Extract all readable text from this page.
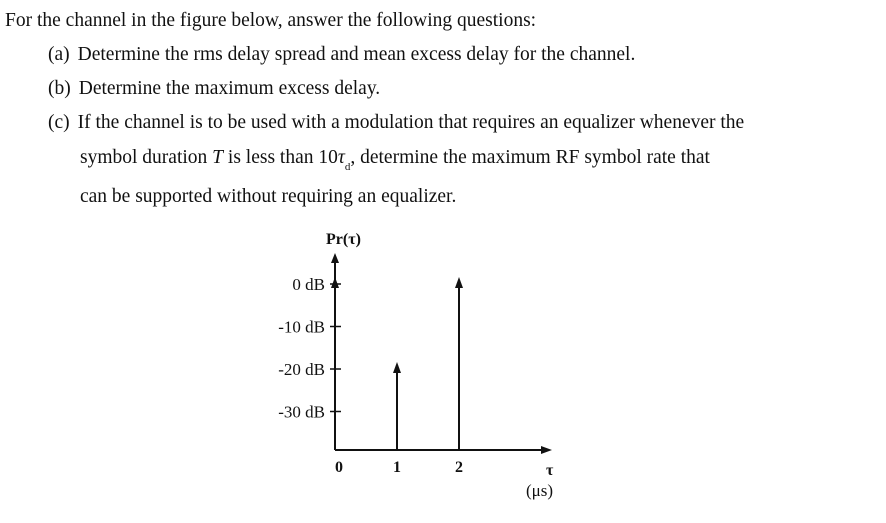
For the channel in the figure below, answer the following questions:
(a) Determine the rms delay spread and mean excess delay for the channel.
(b) Determine the maximum excess delay.
(c) If the channel is to be used with a modulation that requires an equalizer whenever the
symbol duration T is less than $10\tau_d$, determine the maximum RF symbol rate that
can be supported without requiring an equalizer.
0 dB
-10 dB
-20 dB
-30 dB
0	1	2
Pr(τ)
τ
(μs)
